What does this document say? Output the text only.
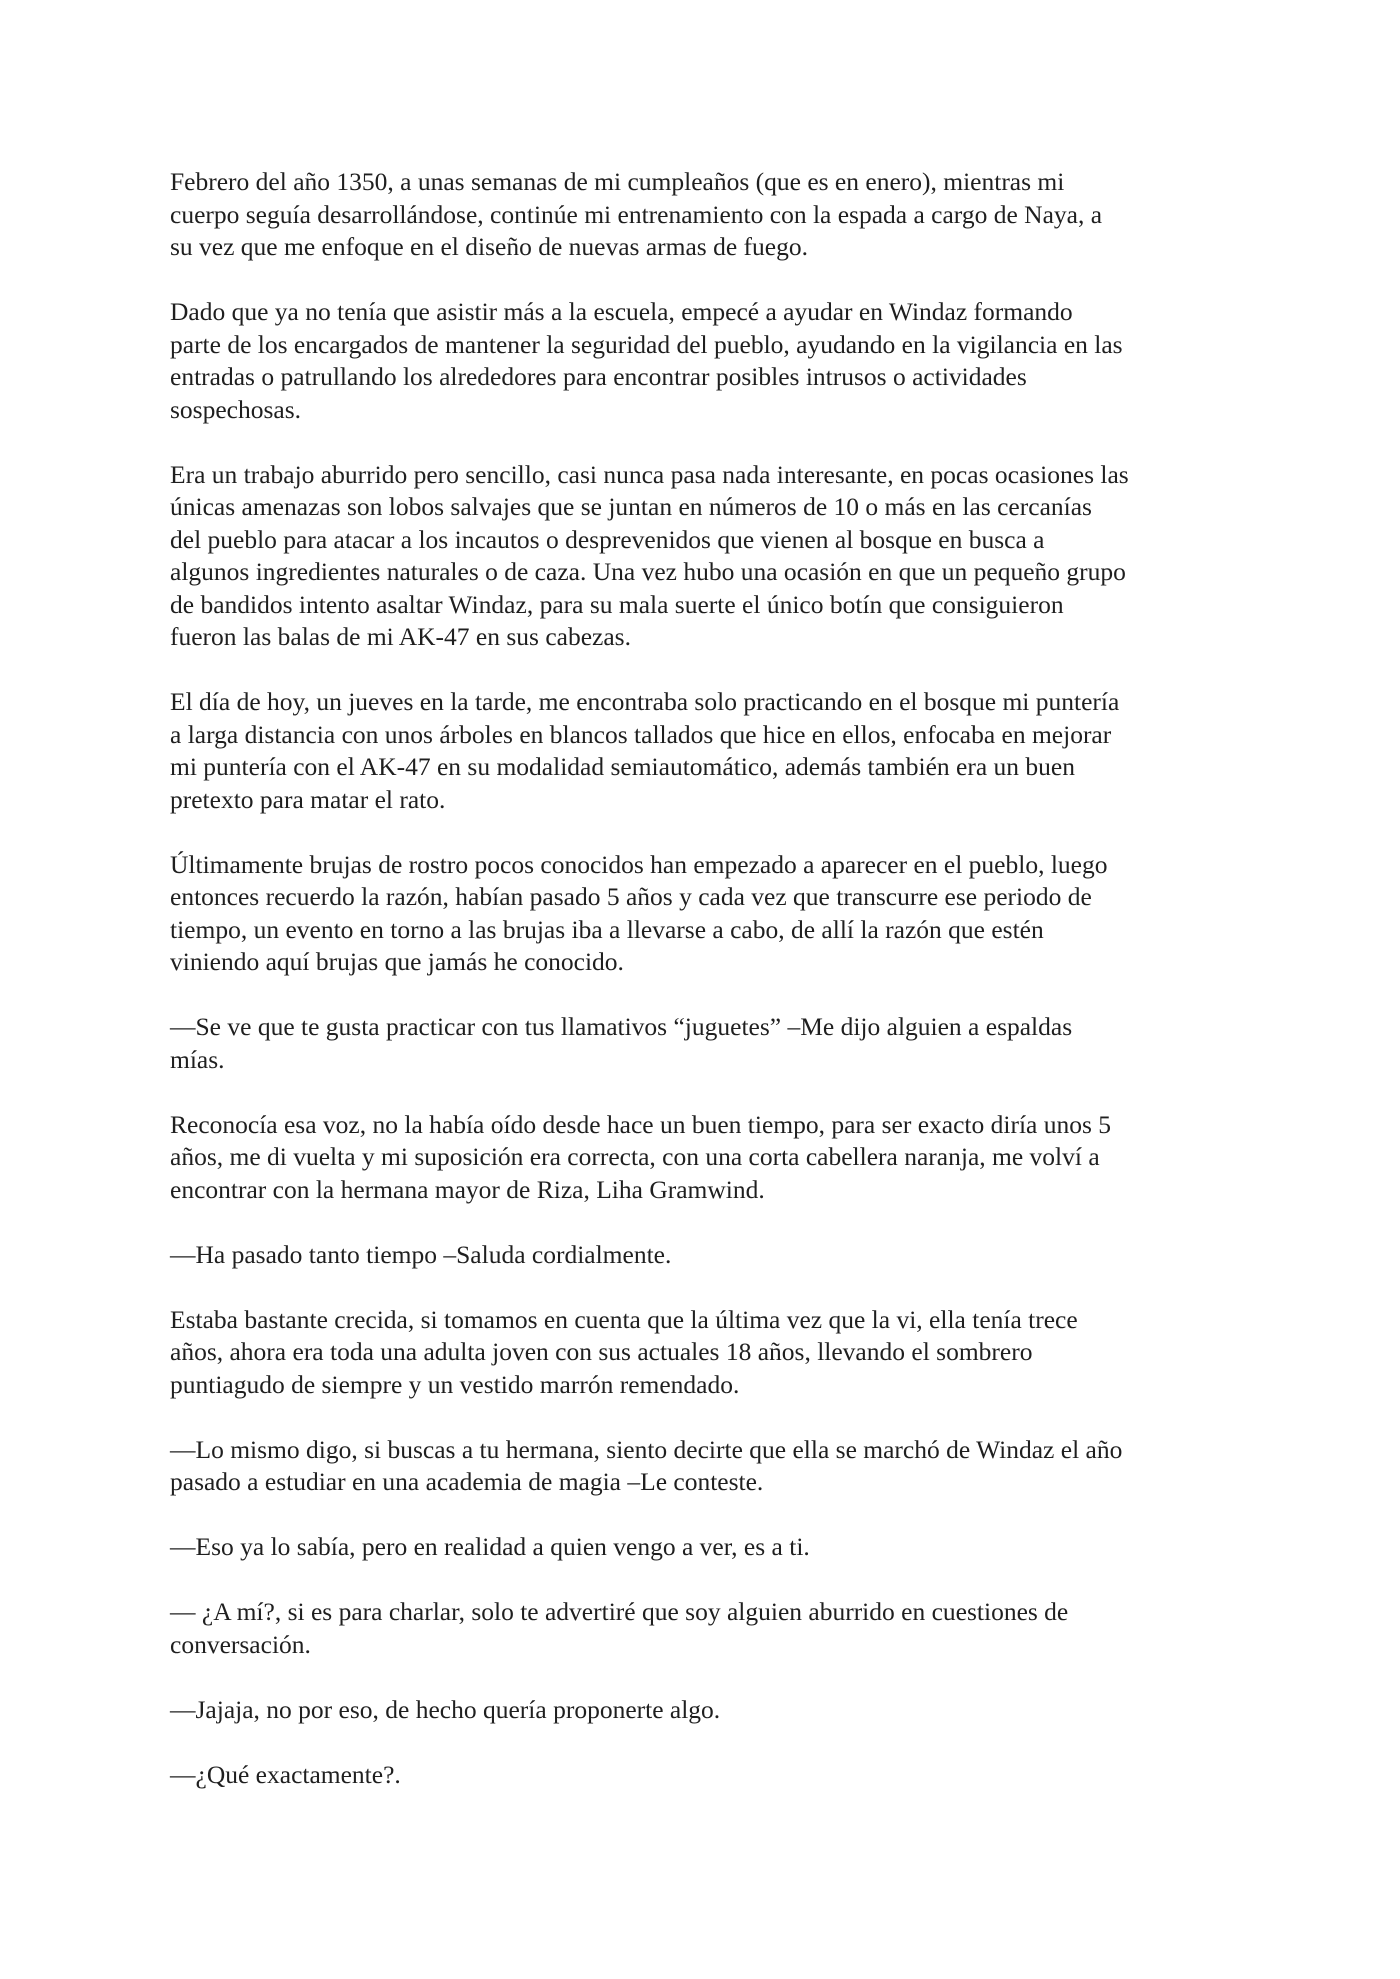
Febrero del año 1350, a unas semanas de mi cumpleaños (que es en enero), mientras mi
cuerpo seguía desarrollándose, continúe mi entrenamiento con la espada a cargo de Naya, a
su vez que me enfoque en el diseño de nuevas armas de fuego.

Dado que ya no tenía que asistir más a la escuela, empecé a ayudar en Windaz formando
parte de los encargados de mantener la seguridad del pueblo, ayudando en la vigilancia en las
entradas o patrullando los alrededores para encontrar posibles intrusos o actividades
sospechosas.

Era un trabajo aburrido pero sencillo, casi nunca pasa nada interesante, en pocas ocasiones las
únicas amenazas son lobos salvajes que se juntan en números de 10 o más en las cercanías
del pueblo para atacar a los incautos o desprevenidos que vienen al bosque en busca a
algunos ingredientes naturales o de caza. Una vez hubo una ocasión en que un pequeño grupo
de bandidos intento asaltar Windaz, para su mala suerte el único botín que consiguieron
fueron las balas de mi AK-47 en sus cabezas.

El día de hoy, un jueves en la tarde, me encontraba solo practicando en el bosque mi puntería
a larga distancia con unos árboles en blancos tallados que hice en ellos, enfocaba en mejorar
mi puntería con el AK-47 en su modalidad semiautomático, además también era un buen
pretexto para matar el rato.

Últimamente brujas de rostro pocos conocidos han empezado a aparecer en el pueblo, luego
entonces recuerdo la razón, habían pasado 5 años y cada vez que transcurre ese periodo de
tiempo, un evento en torno a las brujas iba a llevarse a cabo, de allí la razón que estén
viniendo aquí brujas que jamás he conocido.

—Se ve que te gusta practicar con tus llamativos “juguetes” –Me dijo alguien a espaldas
mías.

Reconocía esa voz, no la había oído desde hace un buen tiempo, para ser exacto diría unos 5
años, me di vuelta y mi suposición era correcta, con una corta cabellera naranja, me volví a
encontrar con la hermana mayor de Riza, Liha Gramwind.

—Ha pasado tanto tiempo –Saluda cordialmente.

Estaba bastante crecida, si tomamos en cuenta que la última vez que la vi, ella tenía trece
años, ahora era toda una adulta joven con sus actuales 18 años, llevando el sombrero
puntiagudo de siempre y un vestido marrón remendado.

—Lo mismo digo, si buscas a tu hermana, siento decirte que ella se marchó de Windaz el año
pasado a estudiar en una academia de magia –Le conteste.

—Eso ya lo sabía, pero en realidad a quien vengo a ver, es a ti.

— ¿A mí?, si es para charlar, solo te advertiré que soy alguien aburrido en cuestiones de
conversación.

—Jajaja, no por eso, de hecho quería proponerte algo.

—¿Qué exactamente?.
